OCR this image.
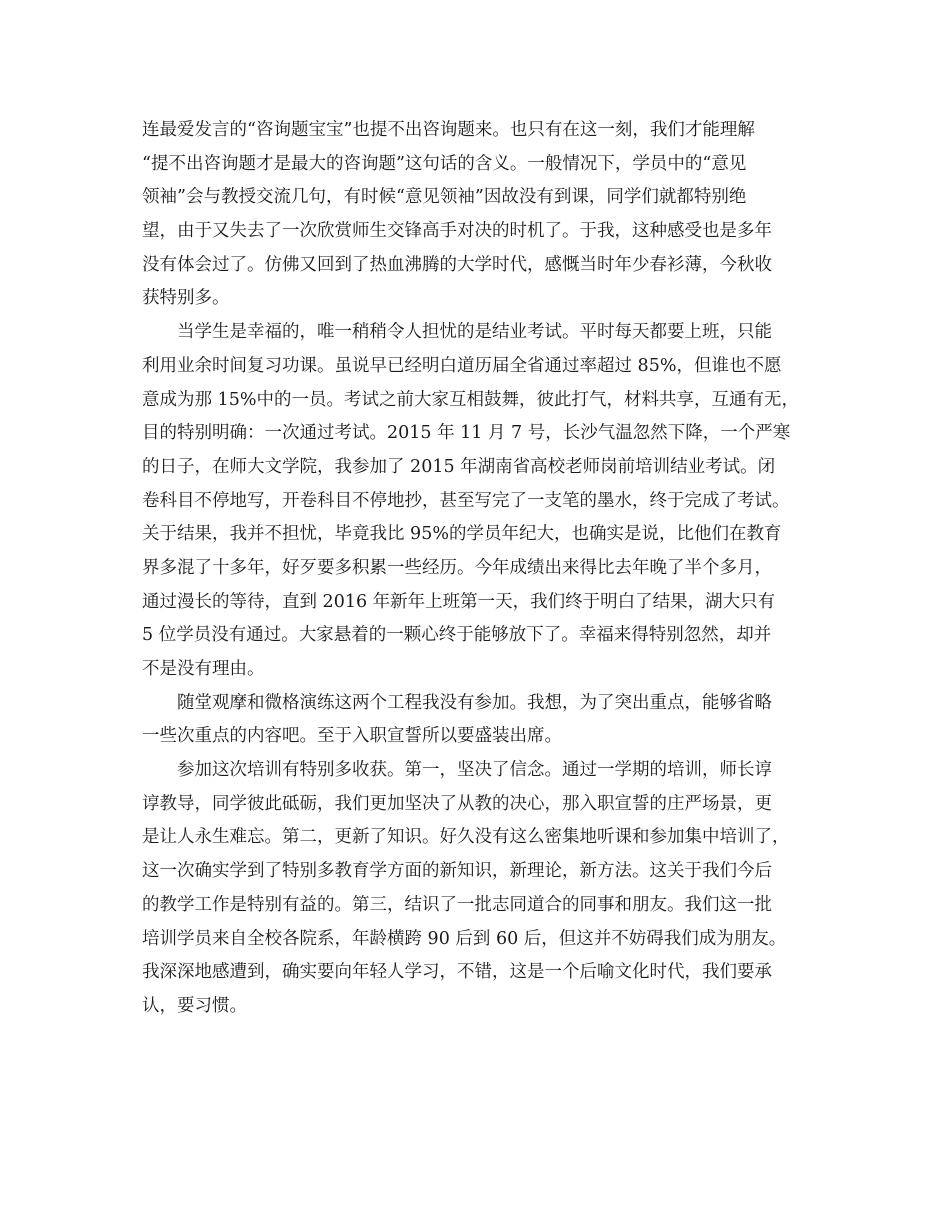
连最爱发言的“咨询题宝宝”也提不出咨询题来。也只有在这一刻，我们才能理解
“提不出咨询题才是最大的咨询题”这句话的含义。一般情况下，学员中的“意见
领袖”会与教授交流几句，有时候“意见领袖”因故没有到课，同学们就都特别绝
望，由于又失去了一次欣赏师生交锋高手对决的时机了。于我，这种感受也是多年
没有体会过了。仿佛又回到了热血沸腾的大学时代，感慨当时年少春衫薄，今秋收
获特别多。
　　当学生是幸福的，唯一稍稍令人担忧的是结业考试。平时每天都要上班，只能
利用业余时间复习功课。虽说早已经明白道历届全省通过率超过 85%，但谁也不愿
意成为那 15%中的一员。考试之前大家互相鼓舞，彼此打气，材料共享，互通有无，
目的特别明确：一次通过考试。2015 年 11 月 7 号，长沙气温忽然下降，一个严寒
的日子，在师大文学院，我参加了 2015 年湖南省高校老师岗前培训结业考试。闭
卷科目不停地写，开卷科目不停地抄，甚至写完了一支笔的墨水，终于完成了考试。
关于结果，我并不担忧，毕竟我比 95%的学员年纪大，也确实是说，比他们在教育
界多混了十多年，好歹要多积累一些经历。今年成绩出来得比去年晚了半个多月，
通过漫长的等待，直到 2016 年新年上班第一天，我们终于明白了结果，湖大只有
5 位学员没有通过。大家悬着的一颗心终于能够放下了。幸福来得特别忽然，却并
不是没有理由。
　　随堂观摩和微格演练这两个工程我没有参加。我想，为了突出重点，能够省略
一些次重点的内容吧。至于入职宣誓所以要盛装出席。
　　参加这次培训有特别多收获。第一，坚决了信念。通过一学期的培训，师长谆
谆教导，同学彼此砥砺，我们更加坚决了从教的决心，那入职宣誓的庄严场景，更
是让人永生难忘。第二，更新了知识。好久没有这么密集地听课和参加集中培训了，
这一次确实学到了特别多教育学方面的新知识，新理论，新方法。这关于我们今后
的教学工作是特别有益的。第三，结识了一批志同道合的同事和朋友。我们这一批
培训学员来自全校各院系，年龄横跨 90 后到 60 后，但这并不妨碍我们成为朋友。
我深深地感遭到，确实要向年轻人学习，不错，这是一个后喻文化时代，我们要承
认，要习惯。
